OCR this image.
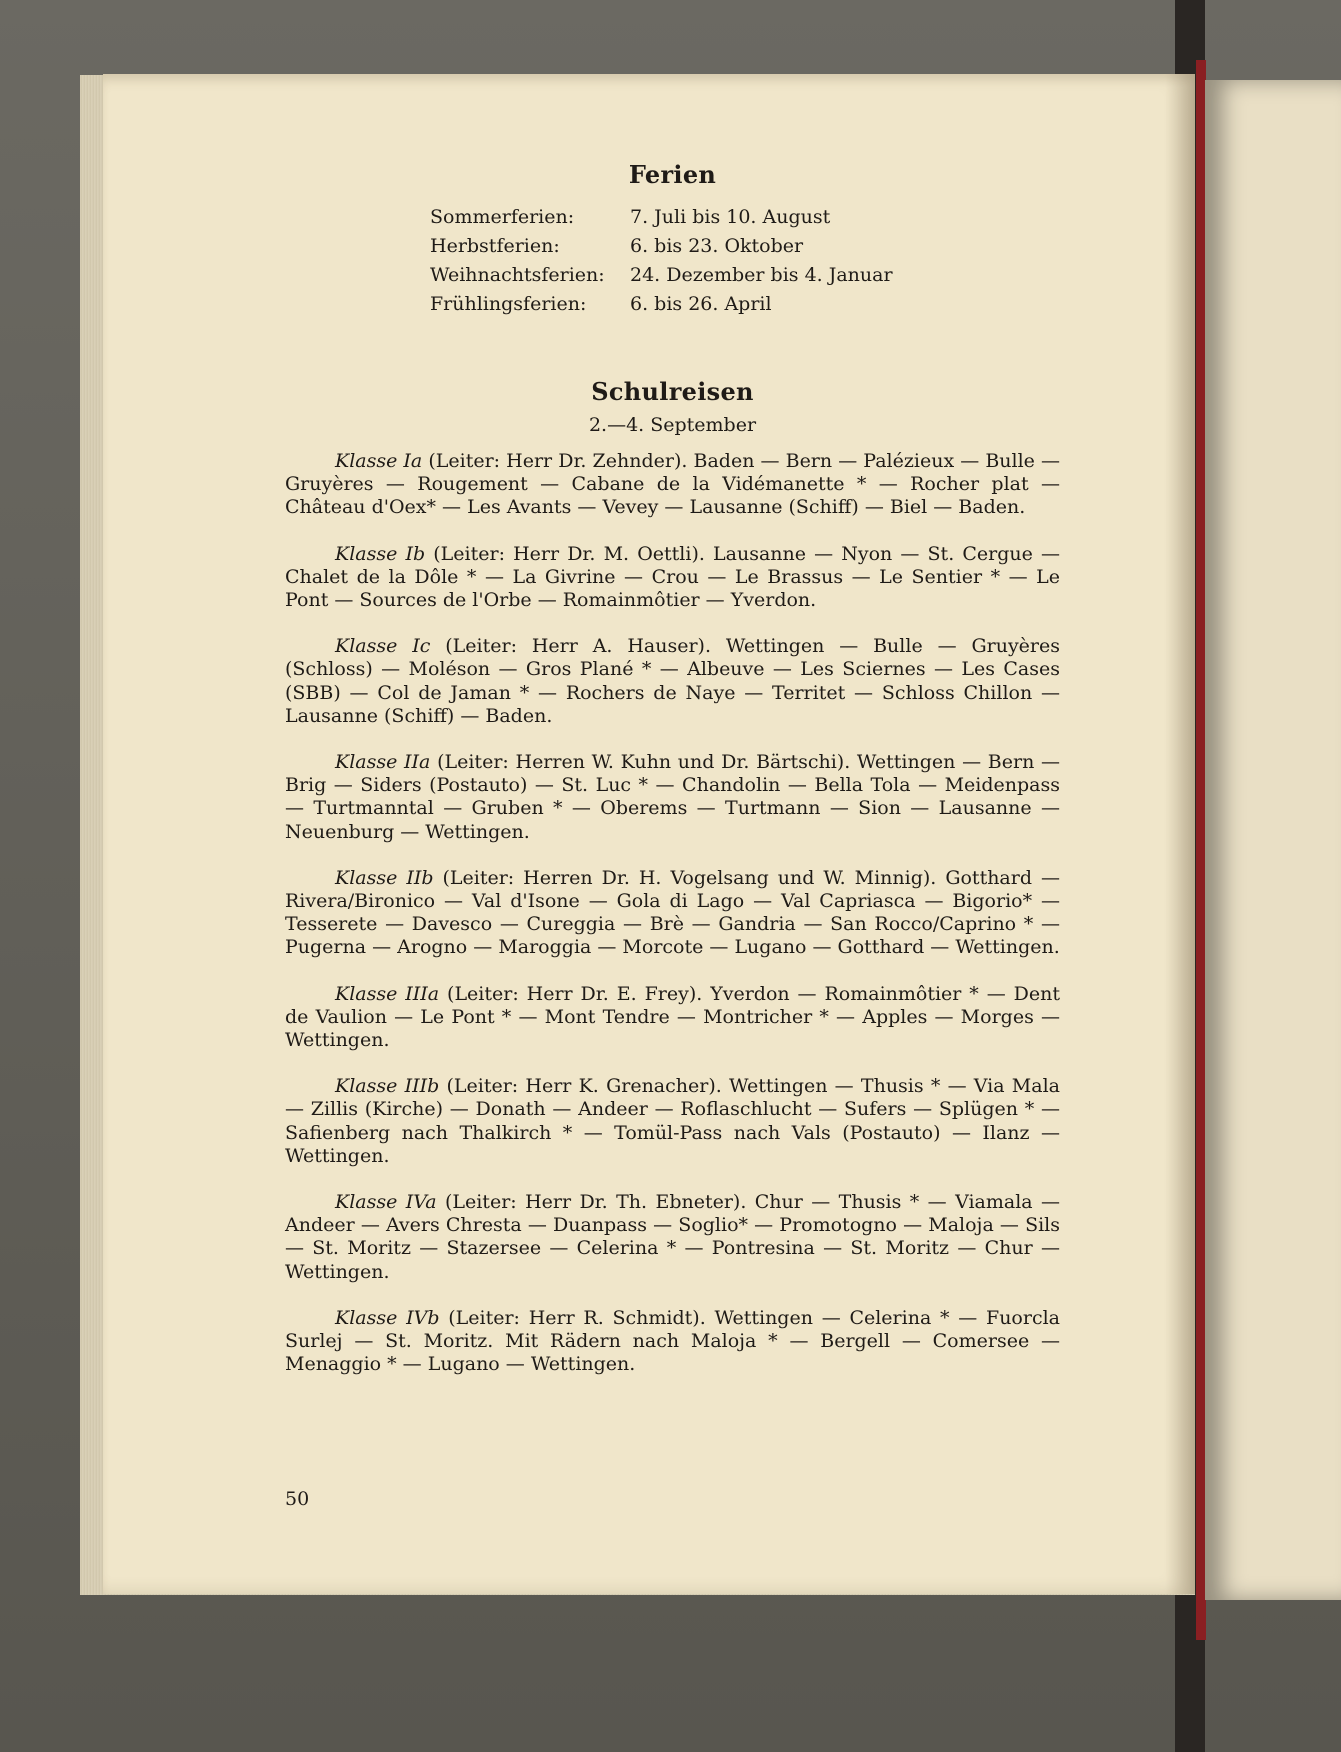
Ferien
Sommerferien:	7. Juli bis 10. August
Herbstferien:	6. bis 23. Oktober
Weihnachtsferien:	24. Dezember bis 4. Januar
Frühlingsferien:	6. bis 26. April
Schulreisen
2.—4. September

Klasse Ia (Leiter: Herr Dr. Zehnder). Baden — Bern — Palézieux — Bulle — Gruyères — Rougement — Cabane de la Vidémanette * — Rocher plat — Château d'Oex* — Les Avants — Vevey — Lausanne (Schiff) — Biel — Baden.

Klasse Ib (Leiter: Herr Dr. M. Oettli). Lausanne — Nyon — St. Cergue — Chalet de la Dôle * — La Givrine — Crou — Le Brassus — Le Sentier * — Le Pont — Sources de l'Orbe — Romainmôtier — Yverdon.

Klasse Ic (Leiter: Herr A. Hauser). Wettingen — Bulle — Gruyères (Schloss) — Moléson — Gros Plané * — Albeuve — Les Sciernes — Les Cases (SBB) — Col de Jaman * — Rochers de Naye — Territet — Schloss Chillon — Lausanne (Schiff) — Baden.

Klasse IIa (Leiter: Herren W. Kuhn und Dr. Bärtschi). Wettingen — Bern — Brig — Siders (Postauto) — St. Luc * — Chandolin — Bella Tola — Meidenpass — Turtmanntal — Gruben * — Oberems — Turtmann — Sion — Lausanne — Neuenburg — Wettingen.

Klasse IIb (Leiter: Herren Dr. H. Vogelsang und W. Minnig). Gotthard — Rivera/Bironico — Val d'Isone — Gola di Lago — Val Capriasca — Bigorio* — Tesserete — Davesco — Cureggia — Brè — Gandria — San Rocco/Caprino * — Pugerna — Arogno — Maroggia — Morcote — Lugano — Gotthard — Wettingen.

Klasse IIIa (Leiter: Herr Dr. E. Frey). Yverdon — Romainmôtier * — Dent de Vaulion — Le Pont * — Mont Tendre — Montricher * — Apples — Morges — Wettingen.

Klasse IIIb (Leiter: Herr K. Grenacher). Wettingen — Thusis * — Via Mala — Zillis (Kirche) — Donath — Andeer — Roflaschlucht — Sufers — Splügen * — Safienberg nach Thalkirch * — Tomül-Pass nach Vals (Postauto) — Ilanz — Wettingen.

Klasse IVa (Leiter: Herr Dr. Th. Ebneter). Chur — Thusis * — Viamala — Andeer — Avers Chresta — Duanpass — Soglio* — Promotogno — Maloja — Sils — St. Moritz — Stazersee — Celerina * — Pontresina — St. Moritz — Chur — Wettingen.

Klasse IVb (Leiter: Herr R. Schmidt). Wettingen — Celerina * — Fuorcla Surlej — St. Moritz. Mit Rädern nach Maloja * — Bergell — Comersee — Menaggio * — Lugano — Wettingen.

50
